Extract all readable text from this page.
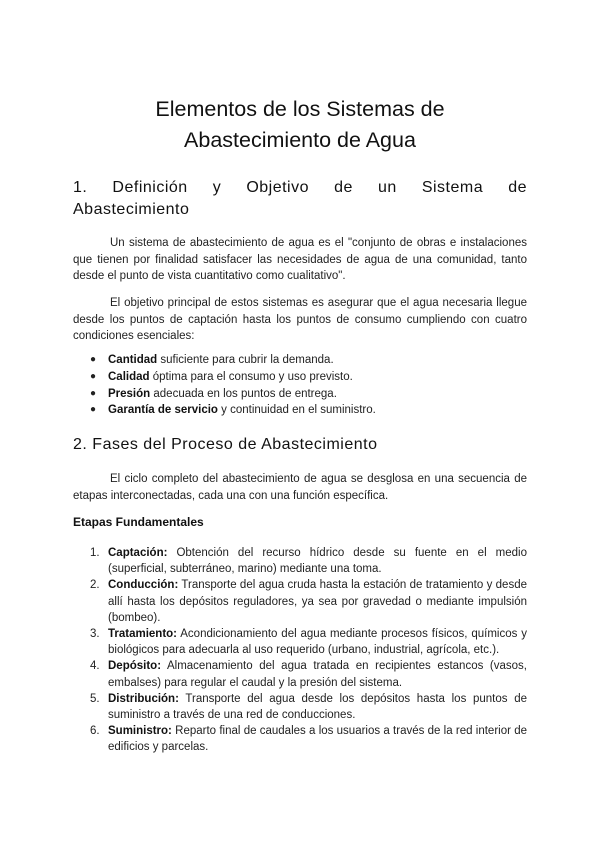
Elementos de los Sistemas de
Abastecimiento de Agua
1. Definición y Objetivo de un Sistema de
Abastecimiento

Un sistema de abastecimiento de agua es el "conjunto de obras e instalaciones que tienen por finalidad satisfacer las necesidades de agua de una comunidad, tanto desde el punto de vista cuantitativo como cualitativo".

El objetivo principal de estos sistemas es asegurar que el agua necesaria llegue desde los puntos de captación hasta los puntos de consumo cumpliendo con cuatro condiciones esenciales:

● Cantidad suficiente para cubrir la demanda.
● Calidad óptima para el consumo y uso previsto.
● Presión adecuada en los puntos de entrega.
● Garantía de servicio y continuidad en el suministro.
2. Fases del Proceso de Abastecimiento

El ciclo completo del abastecimiento de agua se desglosa en una secuencia de etapas interconectadas, cada una con una función específica.

Etapas Fundamentales
1. Captación: Obtención del recurso hídrico desde su fuente en el medio (superficial, subterráneo, marino) mediante una toma.
2. Conducción: Transporte del agua cruda hasta la estación de tratamiento y desde allí hasta los depósitos reguladores, ya sea por gravedad o mediante impulsión (bombeo).
3. Tratamiento: Acondicionamiento del agua mediante procesos físicos, químicos y biológicos para adecuarla al uso requerido (urbano, industrial, agrícola, etc.).
4. Depósito: Almacenamiento del agua tratada en recipientes estancos (vasos, embalses) para regular el caudal y la presión del sistema.
5. Distribución: Transporte del agua desde los depósitos hasta los puntos de suministro a través de una red de conducciones.
6. Suministro: Reparto final de caudales a los usuarios a través de la red interior de edificios y parcelas.
